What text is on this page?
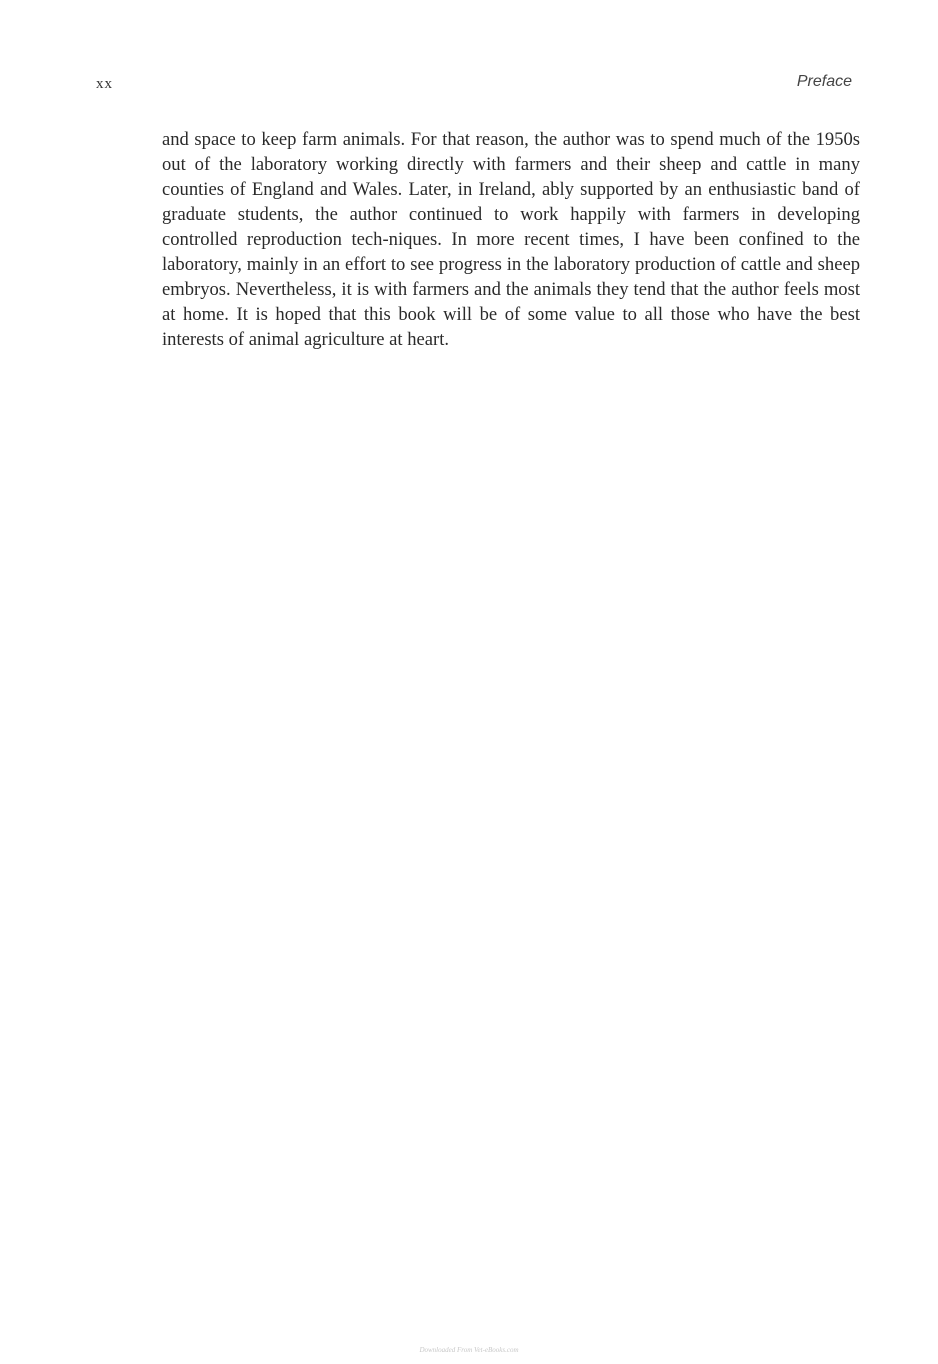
xx	Preface

and space to keep farm animals. For that reason, the author was to spend much of the 1950s out of the laboratory working directly with farmers and their sheep and cattle in many counties of England and Wales. Later, in Ireland, ably supported by an enthusiastic band of graduate students, the author continued to work happily with farmers in developing controlled reproduction tech-niques. In more recent times, I have been confined to the laboratory, mainly in an effort to see progress in the laboratory production of cattle and sheep embryos. Nevertheless, it is with farmers and the animals they tend that the author feels most at home. It is hoped that this book will be of some value to all those who have the best interests of animal agriculture at heart.

Downloaded From Vet-eBooks.com
